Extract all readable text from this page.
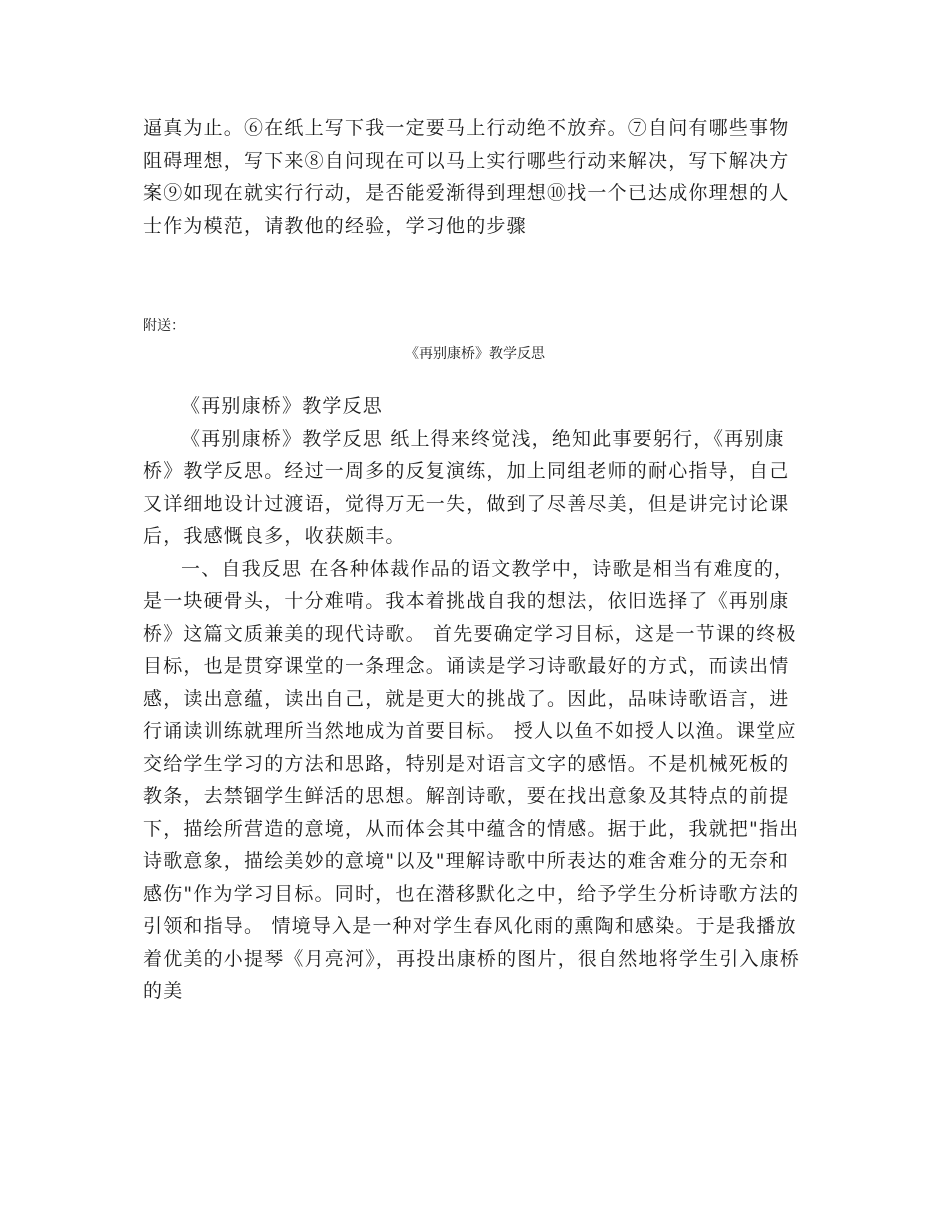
逼真为止。⑥在纸上写下我一定要马上行动绝不放弃。⑦自问有哪些事物阻碍理想，写下来⑧自问现在可以马上实行哪些行动来解决，写下解决方案⑨如现在就实行行动，是否能爱渐得到理想⑩找一个已达成你理想的人士作为模范，请教他的经验，学习他的步骤

附送：
《再别康桥》教学反思

《再别康桥》教学反思

《再别康桥》教学反思 纸上得来终觉浅，绝知此事要躬行，《再别康桥》教学反思。经过一周多的反复演练，加上同组老师的耐心指导，自己又详细地设计过渡语，觉得万无一失，做到了尽善尽美，但是讲完讨论课后，我感慨良多，收获颇丰。

一、自我反思 在各种体裁作品的语文教学中，诗歌是相当有难度的，是一块硬骨头，十分难啃。我本着挑战自我的想法，依旧选择了《再别康桥》这篇文质兼美的现代诗歌。 首先要确定学习目标，这是一节课的终极目标，也是贯穿课堂的一条理念。诵读是学习诗歌最好的方式，而读出情感，读出意蕴，读出自己，就是更大的挑战了。因此，品味诗歌语言，进行诵读训练就理所当然地成为首要目标。 授人以鱼不如授人以渔。课堂应交给学生学习的方法和思路，特别是对语言文字的感悟。不是机械死板的教条，去禁锢学生鲜活的思想。解剖诗歌，要在找出意象及其特点的前提下，描绘所营造的意境，从而体会其中蕴含的情感。据于此，我就把"指出诗歌意象，描绘美妙的意境"以及"理解诗歌中所表达的难舍难分的无奈和感伤"作为学习目标。同时，也在潜移默化之中，给予学生分析诗歌方法的引领和指导。 情境导入是一种对学生春风化雨的熏陶和感染。于是我播放着优美的小提琴《月亮河》，再投出康桥的图片，很自然地将学生引入康桥的美
